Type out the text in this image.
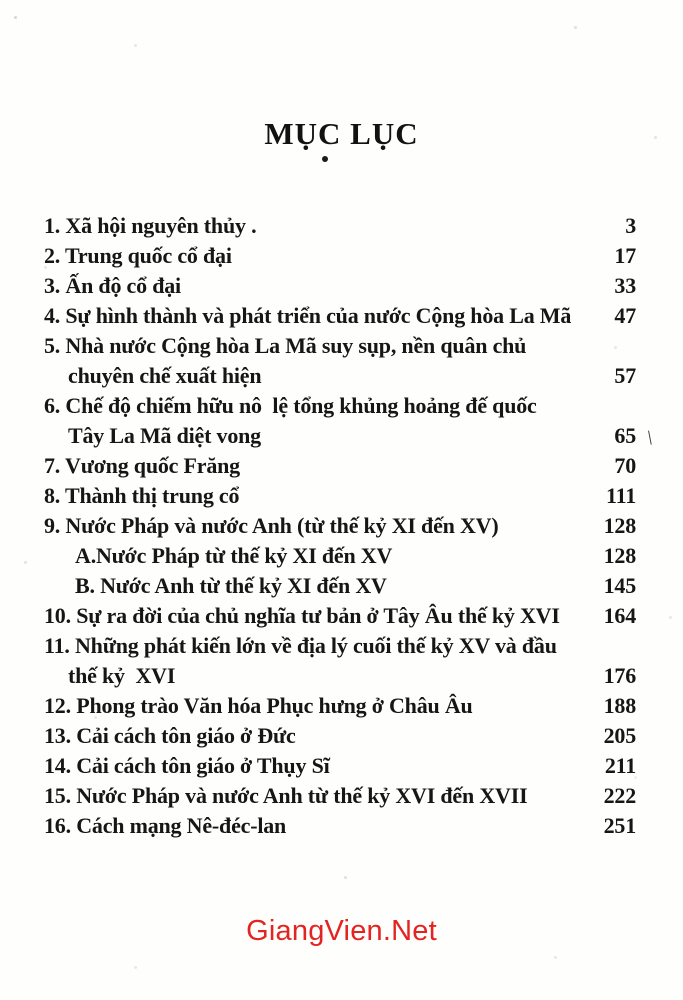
MỤC LỤC
1. Xã hội nguyên thủy .	3
2. Trung quốc cổ đại	17
3. Ấn độ cổ đại	33
4. Sự hình thành và phát triển của nước Cộng hòa La Mã 47
5. Nhà nước Cộng hòa La Mã suy sụp, nền quân chủ
chuyên chế xuất hiện	57
6. Chế độ chiếm hữu nô  lệ tổng khủng hoảng đế quốc
Tây La Mã diệt vong	65 \
7. Vương quốc Frăng	70
8. Thành thị trung cổ	111
9. Nước Pháp và nước Anh (từ thế kỷ XI đến XV)	128
A.Nước Pháp từ thế kỷ XI đến XV	128
B. Nước Anh từ thế kỷ XI đến XV	145
10. Sự ra đời của chủ nghĩa tư bản ở Tây Âu thế kỷ XVI 164
11. Những phát kiến lớn về địa lý cuối thế kỷ XV và đầu
thế kỷ  XVI	176
12. Phong trào Văn hóa Phục hưng ở Châu Âu	188
13. Cải cách tôn giáo ở Đức	205
14. Cải cách tôn giáo ở Thụy Sĩ	211
15. Nước Pháp và nước Anh từ thế kỷ XVI đến XVII	222
16. Cách mạng Nê-đéc-lan	251
GiangVien.Net
